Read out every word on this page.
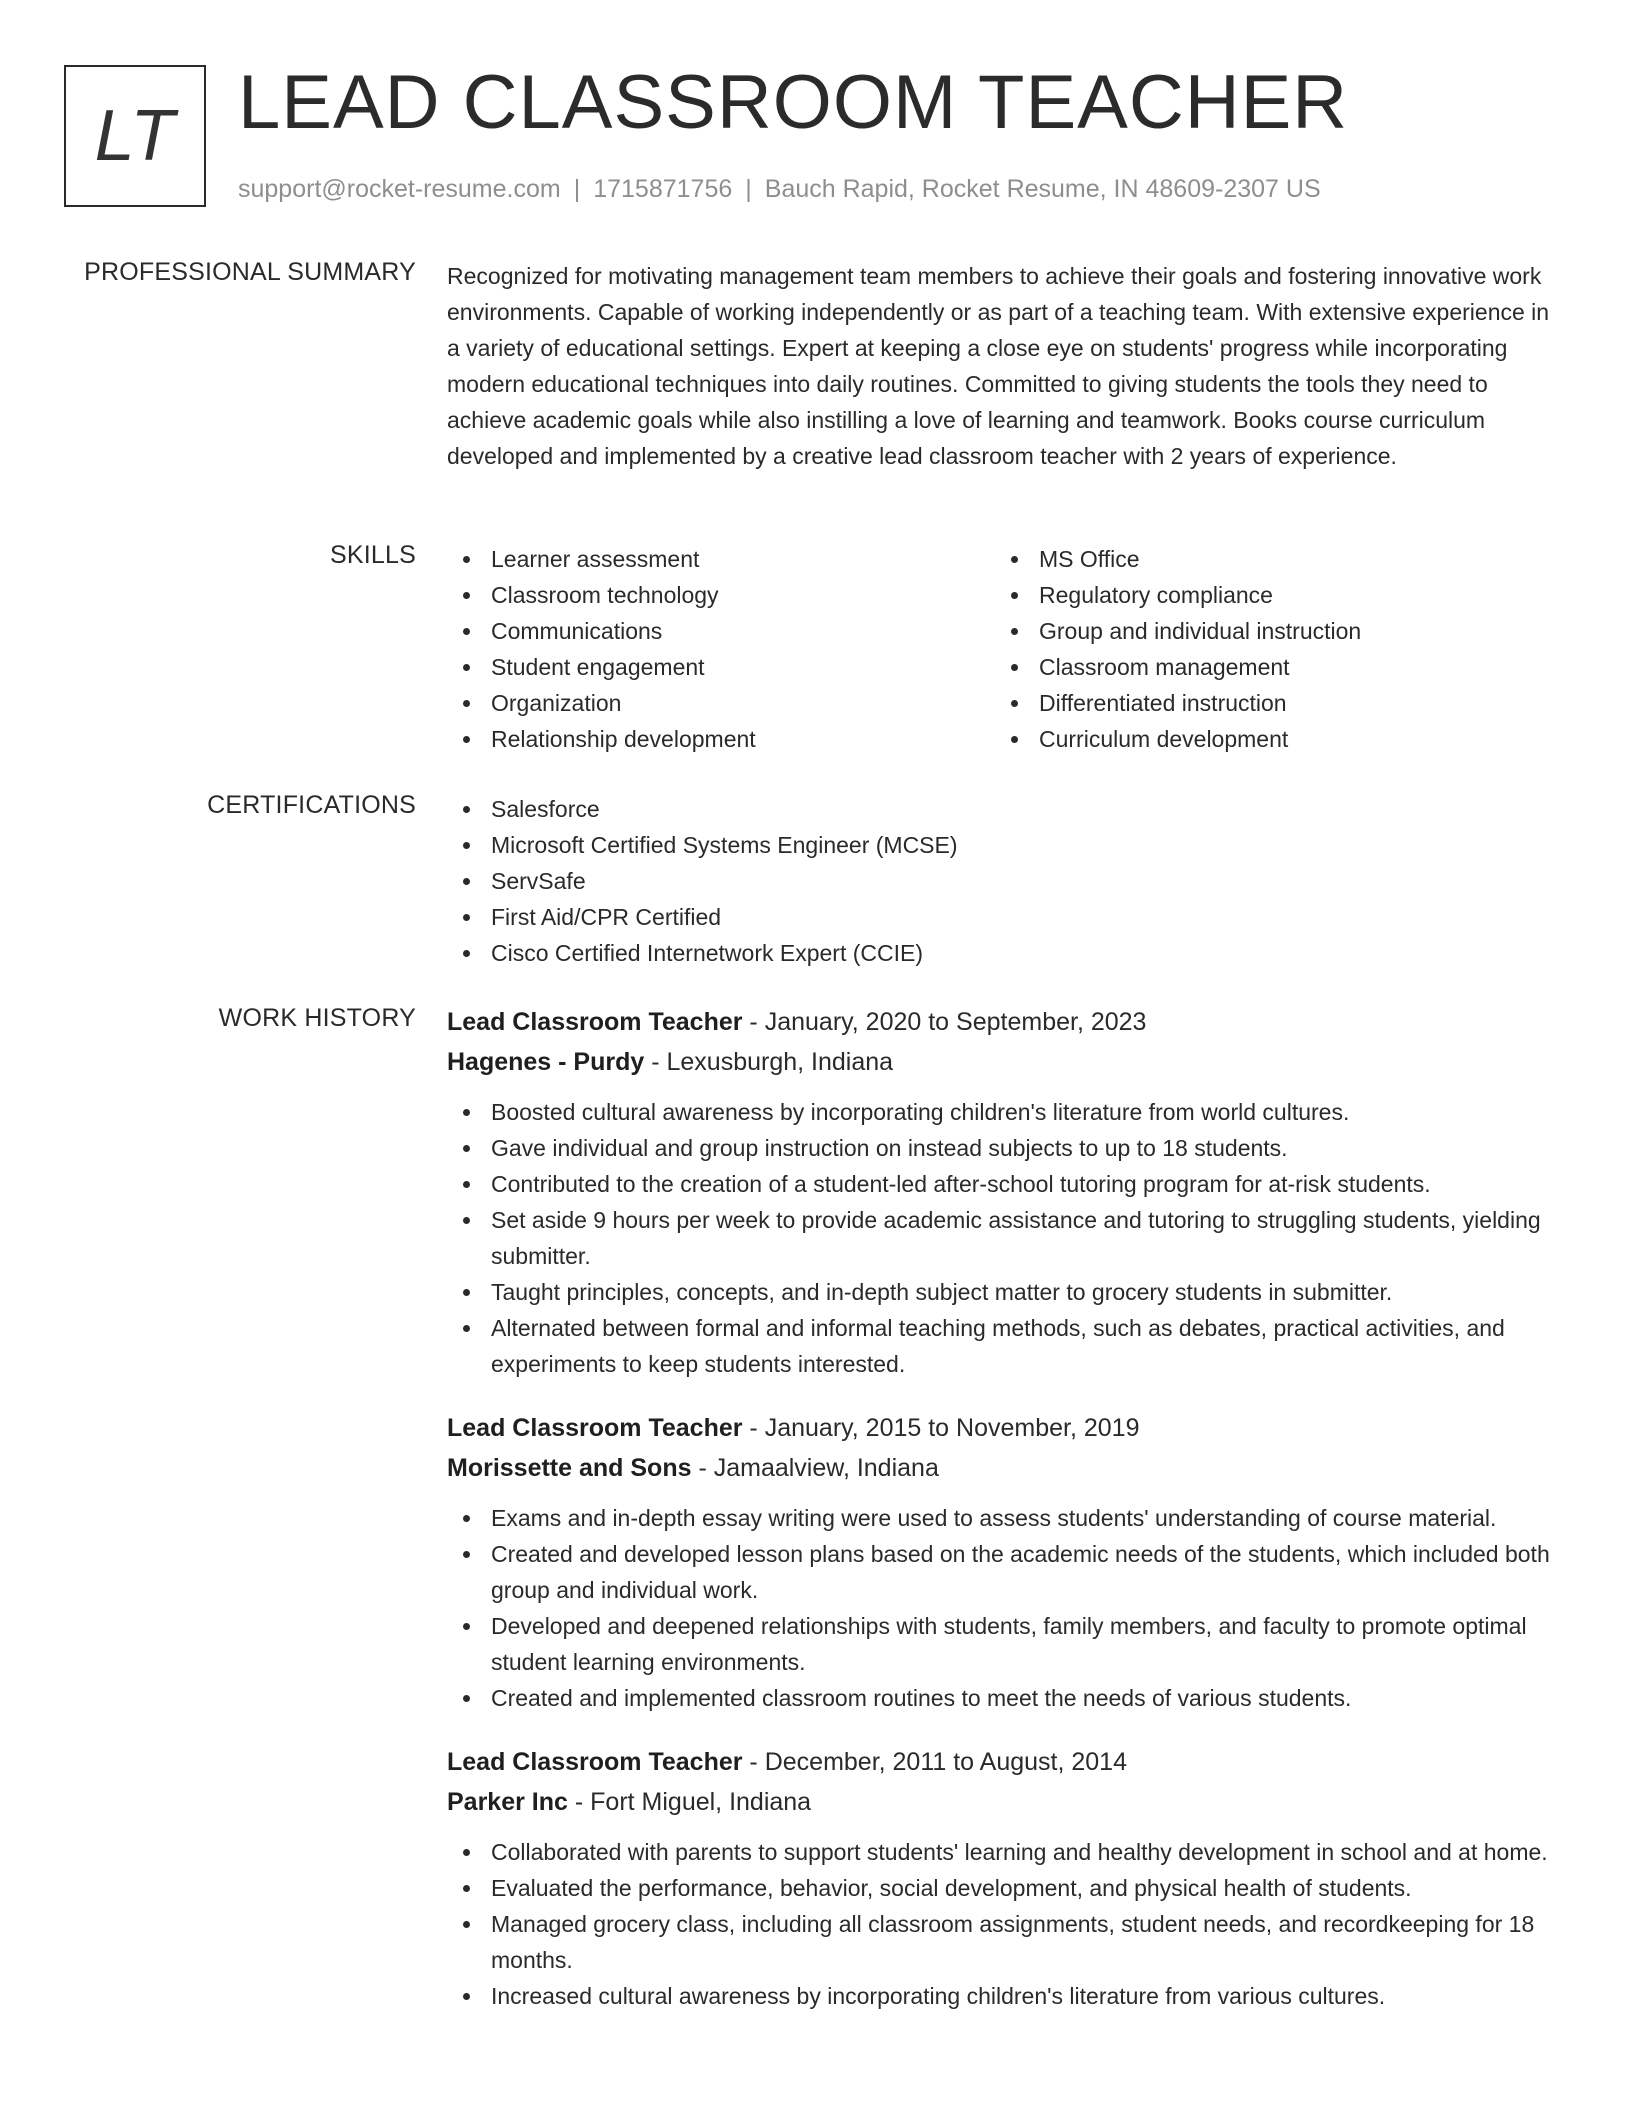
LT LEAD CLASSROOM TEACHER
support@rocket-resume.com | 1715871756 | Bauch Rapid, Rocket Resume, IN 48609-2307 US
PROFESSIONAL SUMMARY Recognized for motivating management team members to achieve their goals and fostering innovative work environments. Capable of working independently or as part of a teaching team. With extensive experience in a variety of educational settings. Expert at keeping a close eye on students' progress while incorporating modern educational techniques into daily routines. Committed to giving students the tools they need to achieve academic goals while also instilling a love of learning and teamwork. Books course curriculum developed and implemented by a creative lead classroom teacher with 2 years of experience.

SKILLS	Learner assessment
Classroom technology
Communications
Student engagement
Organization
Relationship development
MS Office
Regulatory compliance
Group and individual instruction
Classroom management
Differentiated instruction
Curriculum development
CERTIFICATIONS	Salesforce
Microsoft Certified Systems Engineer (MCSE)
ServSafe
First Aid/CPR Certified
Cisco Certified Internetwork Expert (CCIE)
WORK HISTORY Lead Classroom Teacher - January, 2020 to September, 2023
Hagenes - Purdy - Lexusburgh, Indiana
Boosted cultural awareness by incorporating children's literature from world cultures.
Gave individual and group instruction on instead subjects to up to 18 students.
Contributed to the creation of a student-led after-school tutoring program for at-risk students.
Set aside 9 hours per week to provide academic assistance and tutoring to struggling students, yielding submitter.
Taught principles, concepts, and in-depth subject matter to grocery students in submitter.
Alternated between formal and informal teaching methods, such as debates, practical activities, and experiments to keep students interested.
Lead Classroom Teacher - January, 2015 to November, 2019
Morissette and Sons - Jamaalview, Indiana
Exams and in-depth essay writing were used to assess students' understanding of course material.
Created and developed lesson plans based on the academic needs of the students, which included both group and individual work.
Developed and deepened relationships with students, family members, and faculty to promote optimal student learning environments.
Created and implemented classroom routines to meet the needs of various students.
Lead Classroom Teacher - December, 2011 to August, 2014
Parker Inc - Fort Miguel, Indiana
Collaborated with parents to support students' learning and healthy development in school and at home.
Evaluated the performance, behavior, social development, and physical health of students.
Managed grocery class, including all classroom assignments, student needs, and recordkeeping for 18 months.
Increased cultural awareness by incorporating children's literature from various cultures.
